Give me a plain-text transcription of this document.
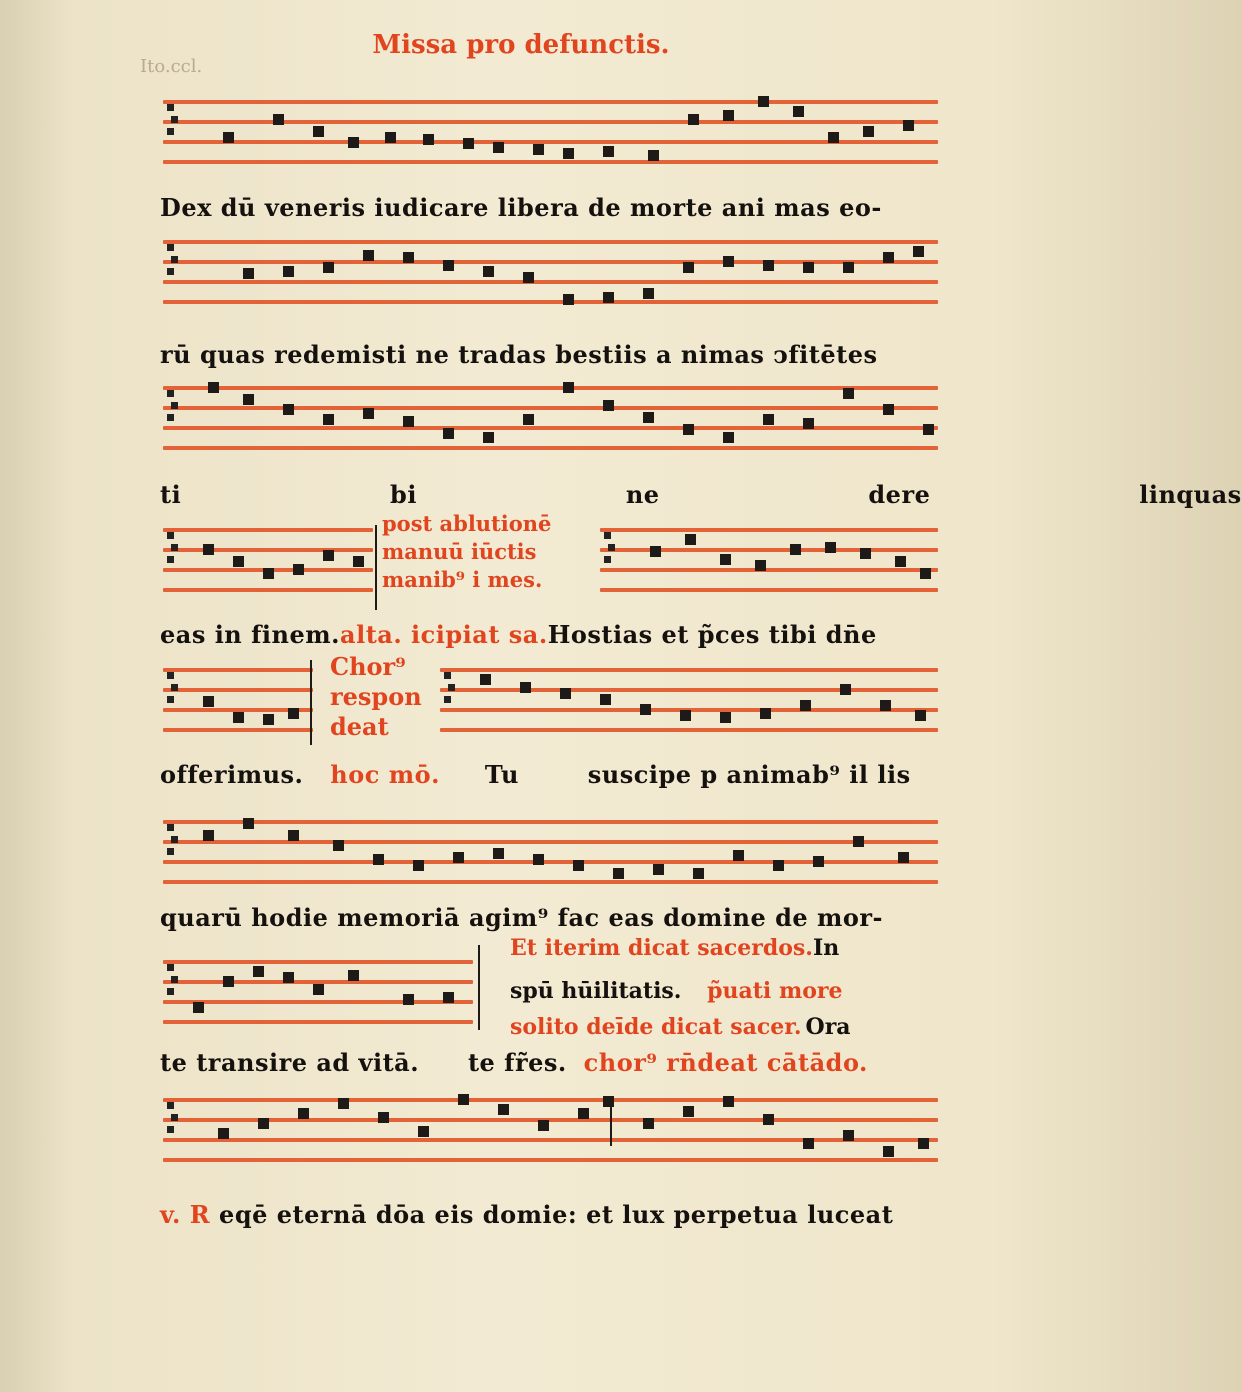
Ito.ccl.
Missa pro defunctis.
Dex dū veneris iudicare libera de morte ani mas eo-
rū quas redemisti ne tradas bestiis a nimas ↄfitētes
ti bi ne dere linquas
post ablutionē
manuū iūctis
manib⁹ i mes.
eas in finem.alta. icipiat sa.Hostias et p̃ces tibi dn̄e
Chor⁹
respon
deat
offerimus. hoc mō. Tu	suscipe p animab⁹ il lis
quarū hodie memoriā agim⁹ fac eas domine de mor-
Et iterim dicat sacerdos.In
spū hūilitatis. p̃uati more
solito deīde dicat sacer. Ora
te transire ad vitā. te fr̃es. chor⁹ rn̄deat cātādo.
v. R eqē eternā dōa eis domie: et lux perpetua luceat
